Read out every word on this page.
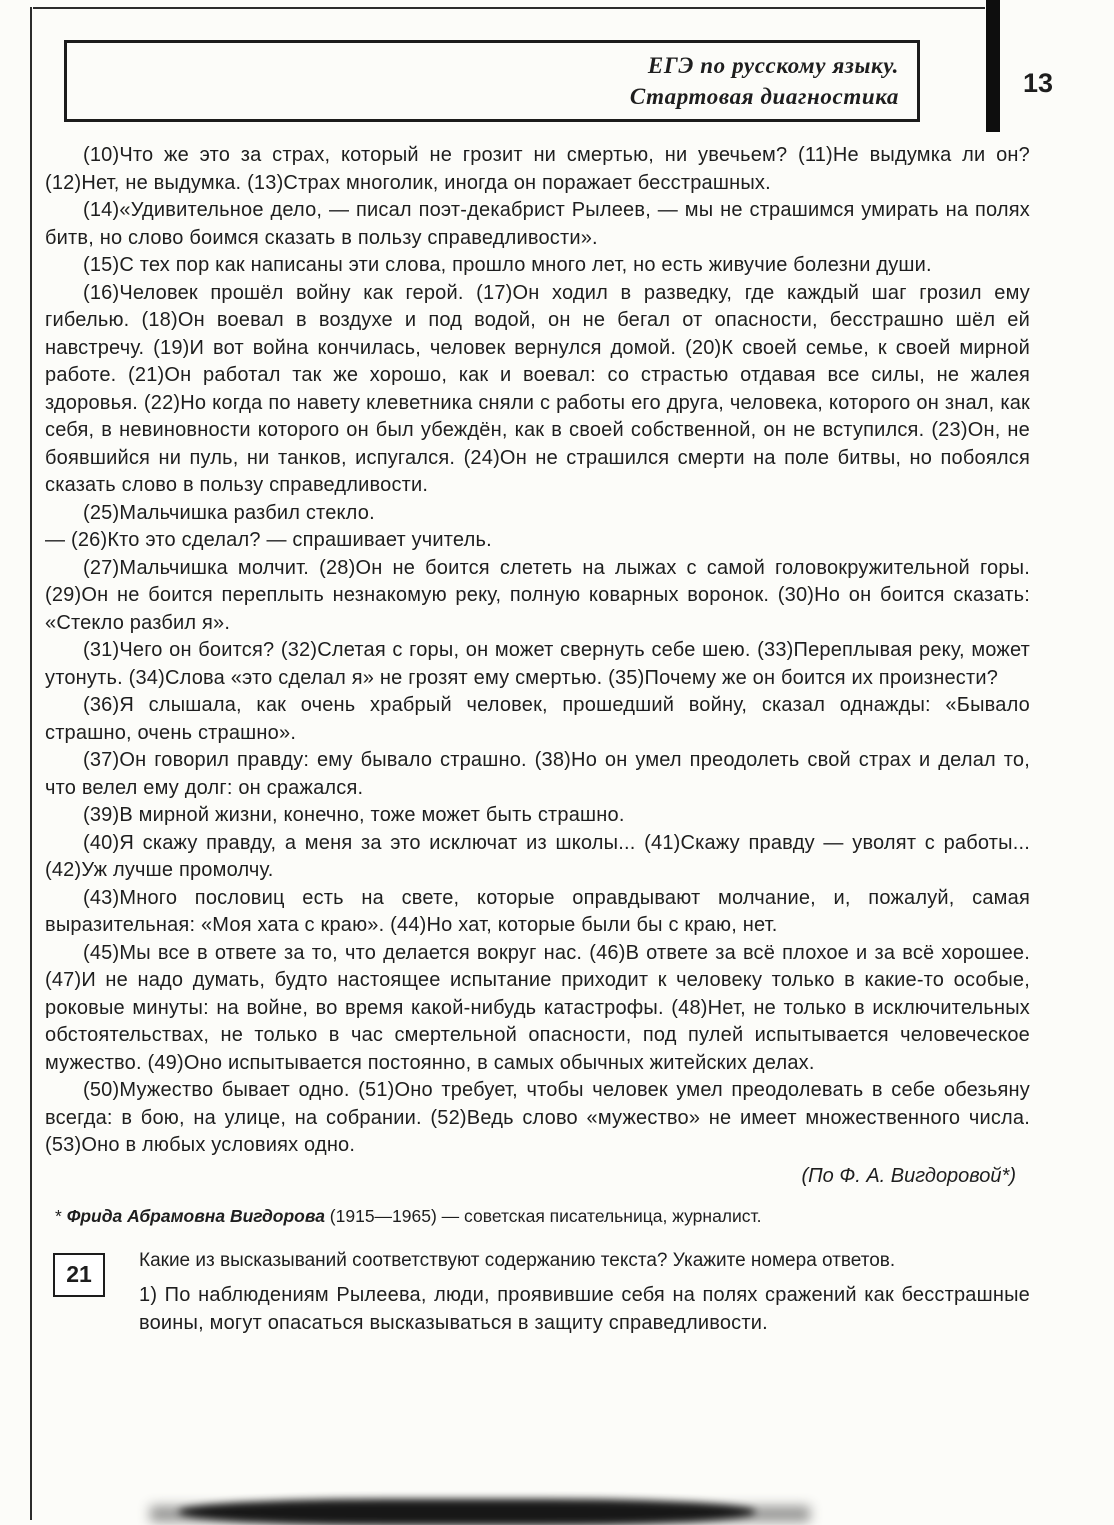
ЕГЭ по русскому языку.
Стартовая диагностика	13

(10)Что же это за страх, который не грозит ни смертью, ни увечьем? (11)Не выдумка ли он? (12)Нет, не выдумка. (13)Страх многолик, иногда он поражает бесстрашных.

(14)«Удивительное дело, — писал поэт-декабрист Рылеев, — мы не страшимся умирать на полях битв, но слово боимся сказать в пользу справедливости».

(15)С тех пор как написаны эти слова, прошло много лет, но есть живучие болезни души.

(16)Человек прошёл войну как герой. (17)Он ходил в разведку, где каждый шаг грозил ему гибелью. (18)Он воевал в воздухе и под водой, он не бегал от опасности, бесстрашно шёл ей навстречу. (19)И вот война кончилась, человек вернулся домой. (20)К своей семье, к своей мирной работе. (21)Он работал так же хорошо, как и воевал: со страстью отдавая все силы, не жалея здоровья. (22)Но когда по навету клеветника сняли с работы его друга, человека, которого он знал, как себя, в невиновности которого он был убеждён, как в своей собственной, он не вступился. (23)Он, не боявшийся ни пуль, ни танков, испугался. (24)Он не страшился смерти на поле битвы, но побоялся сказать слово в пользу справедливости.

(25)Мальчишка разбил стекло.

— (26)Кто это сделал? — спрашивает учитель.

(27)Мальчишка молчит. (28)Он не боится слететь на лыжах с самой головокружительной горы. (29)Он не боится переплыть незнакомую реку, полную коварных воронок. (30)Но он боится сказать: «Стекло разбил я».

(31)Чего он боится? (32)Слетая с горы, он может свернуть себе шею. (33)Переплывая реку, может утонуть. (34)Слова «это сделал я» не грозят ему смертью. (35)Почему же он боится их произнести?

(36)Я слышала, как очень храбрый человек, прошедший войну, сказал однажды: «Бывало страшно, очень страшно».

(37)Он говорил правду: ему бывало страшно. (38)Но он умел преодолеть свой страх и делал то, что велел ему долг: он сражался.

(39)В мирной жизни, конечно, тоже может быть страшно.

(40)Я скажу правду, а меня за это исключат из школы... (41)Скажу правду — уволят с работы... (42)Уж лучше промолчу.

(43)Много пословиц есть на свете, которые оправдывают молчание, и, пожалуй, самая выразительная: «Моя хата с краю». (44)Но хат, которые были бы с краю, нет.

(45)Мы все в ответе за то, что делается вокруг нас. (46)В ответе за всё плохое и за всё хорошее. (47)И не надо думать, будто настоящее испытание приходит к человеку только в какие-то особые, роковые минуты: на войне, во время какой-нибудь катастрофы. (48)Нет, не только в исключительных обстоятельствах, не только в час смертельной опасности, под пулей испытывается человеческое мужество. (49)Оно испытывается постоянно, в самых обычных житейских делах.

(50)Мужество бывает одно. (51)Оно требует, чтобы человек умел преодолевать в себе обезьяну всегда: в бою, на улице, на собрании. (52)Ведь слово «мужество» не имеет множественного числа. (53)Оно в любых условиях одно.

(По Ф. А. Вигдоровой*)
* Фрида Абрамовна Вигдорова (1915—1965) — советская писательница, журналист.
21
Какие из высказываний соответствуют содержанию текста? Укажите номера ответов.
1) По наблюдениям Рылеева, люди, проявившие себя на полях сражений как бесстрашные воины, могут опасаться высказываться в защиту справедливости.
